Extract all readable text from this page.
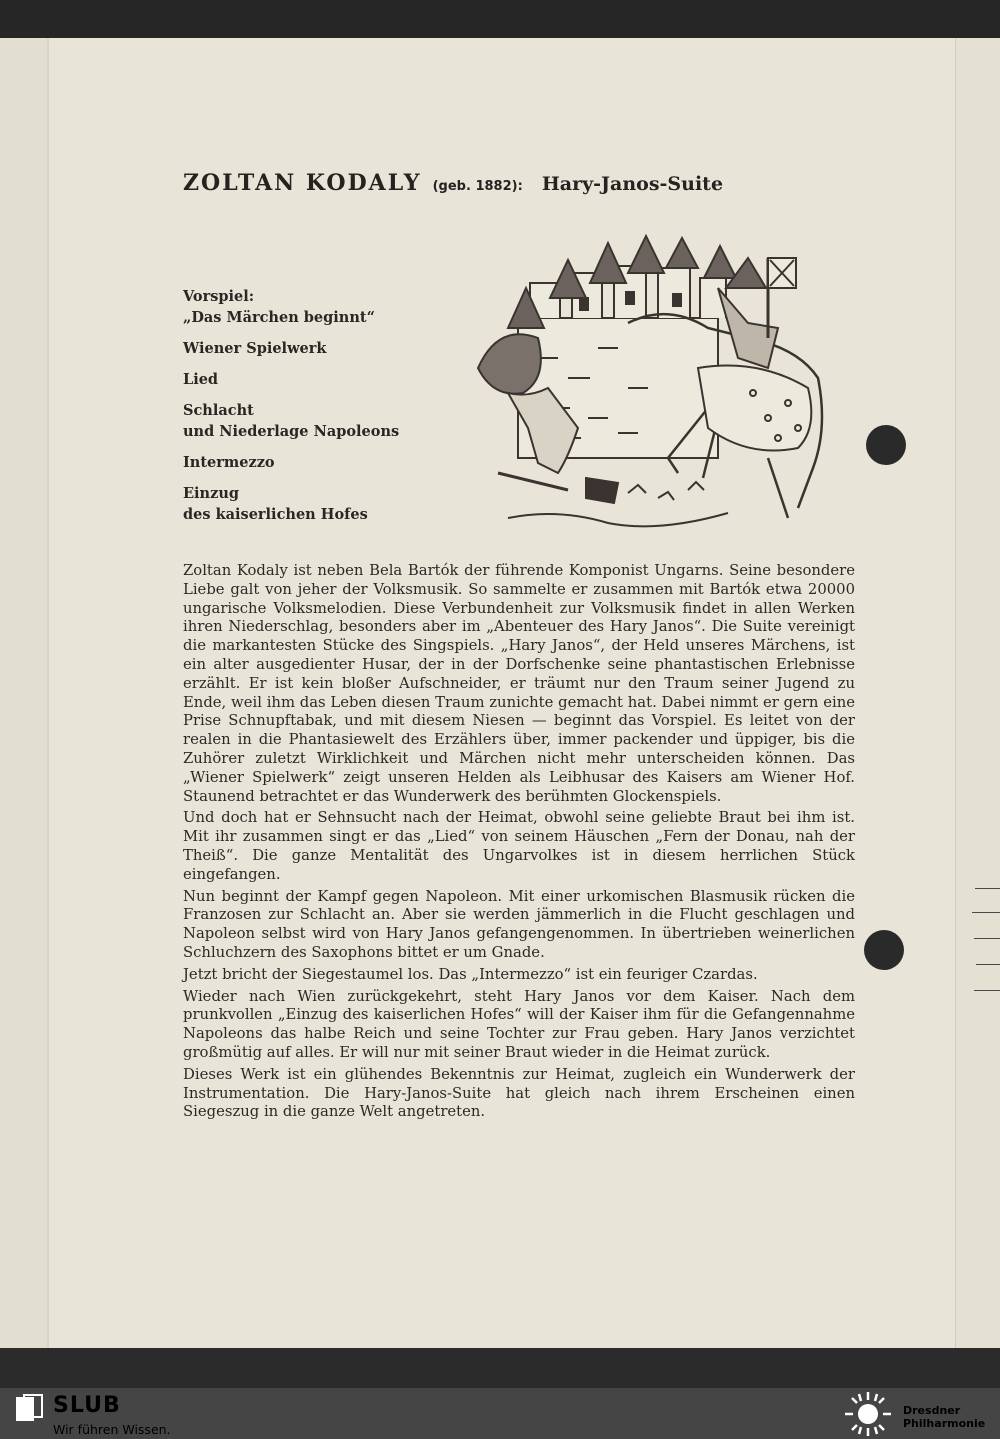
ZOLTAN KODALY (geb. 1882): Hary-Janos-Suite
Vorspiel:
„Das Märchen beginnt“
Wiener Spielwerk
Lied
Schlacht
und Niederlage Napoleons
Intermezzo
Einzug
des kaiserlichen Hofes

Zoltan Kodaly ist neben Bela Bartók der führende Komponist Ungarns. Seine besondere Liebe galt von jeher der Volksmusik. So sammelte er zusammen mit Bartók etwa 20000 ungarische Volksmelodien. Diese Verbundenheit zur Volksmusik findet in allen Werken ihren Niederschlag, besonders aber im „Abenteuer des Hary Janos“. Die Suite vereinigt die markantesten Stücke des Singspiels. „Hary Janos“, der Held unseres Märchens, ist ein alter ausgedienter Husar, der in der Dorfschenke seine phantastischen Erlebnisse erzählt. Er ist kein bloßer Aufschneider, er träumt nur den Traum seiner Jugend zu Ende, weil ihm das Leben diesen Traum zunichte gemacht hat. Dabei nimmt er gern eine Prise Schnupftabak, und mit diesem Niesen — beginnt das Vorspiel. Es leitet von der realen in die Phantasiewelt des Erzählers über, immer packender und üppiger, bis die Zuhörer zuletzt Wirklichkeit und Märchen nicht mehr unterscheiden können. Das „Wiener Spielwerk“ zeigt unseren Helden als Leibhusar des Kaisers am Wiener Hof. Staunend betrachtet er das Wunderwerk des berühmten Glockenspiels.

Und doch hat er Sehnsucht nach der Heimat, obwohl seine geliebte Braut bei ihm ist. Mit ihr zusammen singt er das „Lied“ von seinem Häuschen „Fern der Donau, nah der Theiß“. Die ganze Mentalität des Ungarvolkes ist in diesem herrlichen Stück eingefangen.

Nun beginnt der Kampf gegen Napoleon. Mit einer urkomischen Blasmusik rücken die Franzosen zur Schlacht an. Aber sie werden jämmerlich in die Flucht geschlagen und Napoleon selbst wird von Hary Janos gefangengenommen. In übertrieben weinerlichen Schluchzern des Saxophons bittet er um Gnade.

Jetzt bricht der Siegestaumel los. Das „Intermezzo“ ist ein feuriger Czardas.

Wieder nach Wien zurückgekehrt, steht Hary Janos vor dem Kaiser. Nach dem prunkvollen „Einzug des kaiserlichen Hofes“ will der Kaiser ihm für die Gefangennahme Napoleons das halbe Reich und seine Tochter zur Frau geben. Hary Janos verzichtet großmütig auf alles. Er will nur mit seiner Braut wieder in die Heimat zurück.

Dieses Werk ist ein glühendes Bekenntnis zur Heimat, zugleich ein Wunderwerk der Instrumentation. Die Hary-Janos-Suite hat gleich nach ihrem Erscheinen einen Siegeszug in die ganze Welt angetreten.

SLUB
Wir führen Wissen.
Dresdner
Philharmonie
